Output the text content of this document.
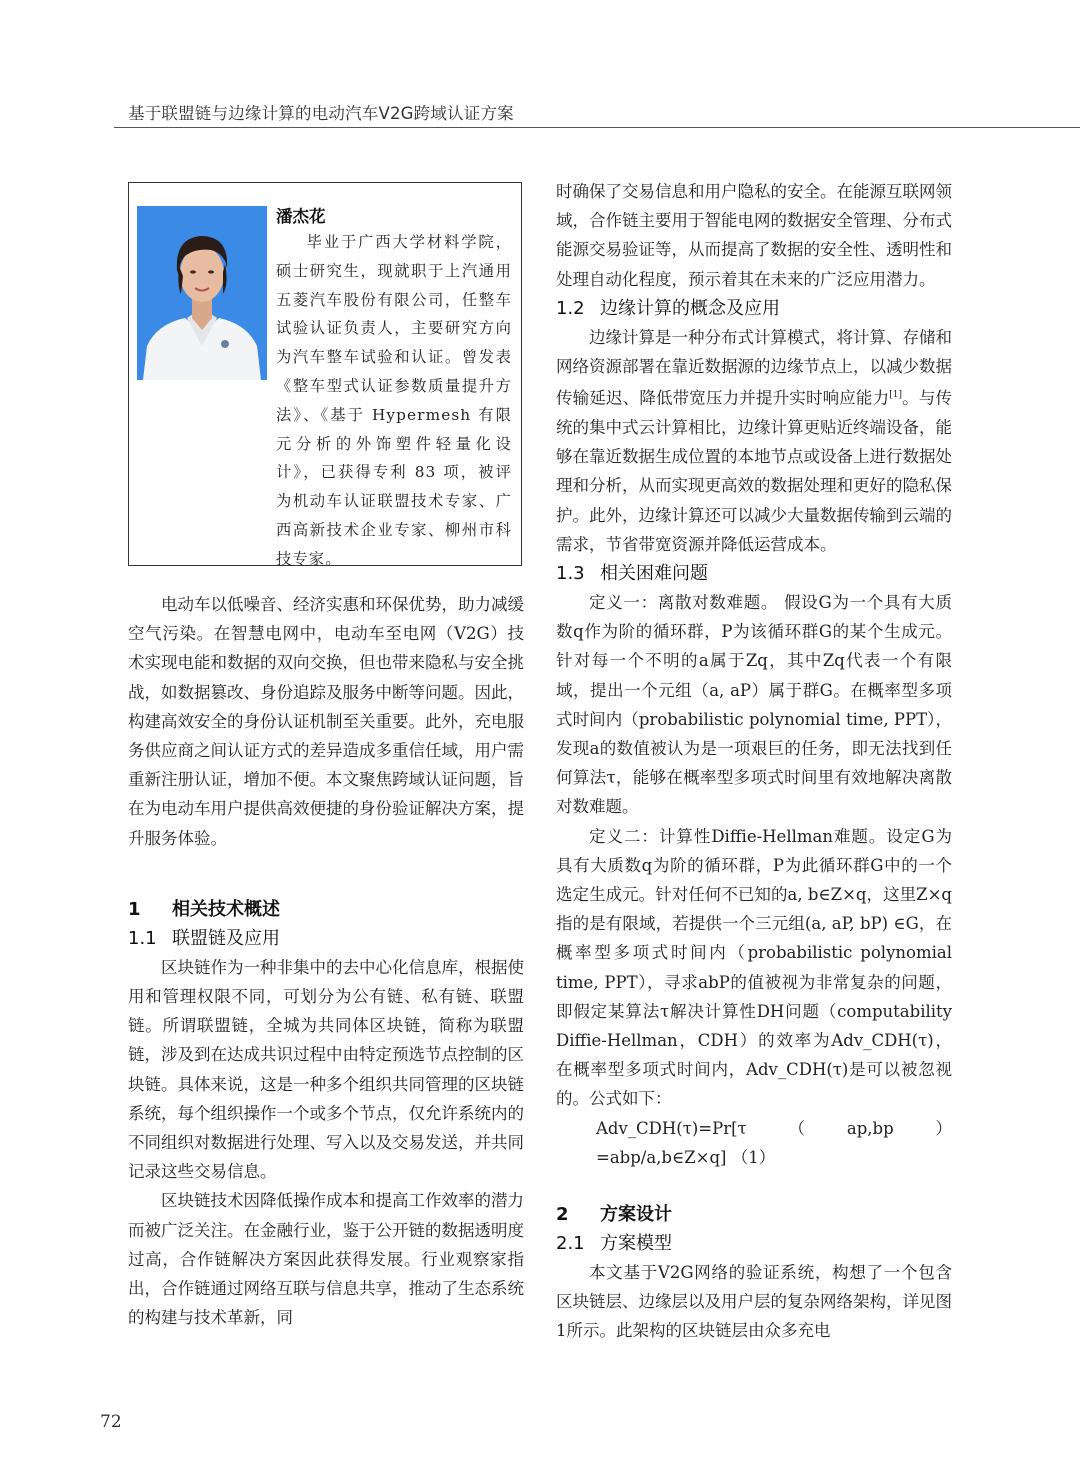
基于联盟链与边缘计算的电动汽车V2G跨域认证方案
潘杰花
毕业于广西大学材料学院，硕士研究生，现就职于上汽通用五菱汽车股份有限公司，任整车试验认证负责人，主要研究方向为汽车整车试验和认证。曾发表《整车型式认证参数质量提升方法》、《基于 Hypermesh 有限元分析的外饰塑件轻量化设计》，已获得专利 83 项，被评为机动车认证联盟技术专家、广西高新技术企业专家、柳州市科技专家。

电动车以低噪音、经济实惠和环保优势，助力减缓空气污染。在智慧电网中，电动车至电网（V2G）技术实现电能和数据的双向交换，但也带来隐私与安全挑战，如数据篡改、身份追踪及服务中断等问题。因此，构建高效安全的身份认证机制至关重要。此外，充电服务供应商之间认证方式的差异造成多重信任域，用户需重新注册认证，增加不便。本文聚焦跨域认证问题，旨在为电动车用户提供高效便捷的身份验证解决方案，提升服务体验。

1 相关技术概述

1.1 联盟链及应用

区块链作为一种非集中的去中心化信息库，根据使用和管理权限不同，可划分为公有链、私有链、联盟链。所谓联盟链，全城为共同体区块链，简称为联盟链，涉及到在达成共识过程中由特定预选节点控制的区块链。具体来说，这是一种多个组织共同管理的区块链系统，每个组织操作一个或多个节点，仅允许系统内的不同组织对数据进行处理、写入以及交易发送，并共同记录这些交易信息。

区块链技术因降低操作成本和提高工作效率的潜力而被广泛关注。在金融行业，鉴于公开链的数据透明度过高，合作链解决方案因此获得发展。行业观察家指出，合作链通过网络互联与信息共享，推动了生态系统的构建与技术革新，同

时确保了交易信息和用户隐私的安全。在能源互联网领域，合作链主要用于智能电网的数据安全管理、分布式能源交易验证等，从而提高了数据的安全性、透明性和处理自动化程度，预示着其在未来的广泛应用潜力。

1.2 边缘计算的概念及应用

边缘计算是一种分布式计算模式，将计算、存储和网络资源部署在靠近数据源的边缘节点上，以减少数据传输延迟、降低带宽压力并提升实时响应能力[1]。与传统的集中式云计算相比，边缘计算更贴近终端设备，能够在靠近数据生成位置的本地节点或设备上进行数据处理和分析，从而实现更高效的数据处理和更好的隐私保护。此外，边缘计算还可以减少大量数据传输到云端的需求，节省带宽资源并降低运营成本。

1.3 相关困难问题

定义一：离散对数难题。 假设G为一个具有大质数q作为阶的循环群，P为该循环群G的某个生成元。针对每一个不明的a属于Zq，其中Zq代表一个有限域，提出一个元组（a, aP）属于群G。在概率型多项式时间内（probabilistic polynomial time, PPT），发现a的数值被认为是一项艰巨的任务，即无法找到任何算法τ，能够在概率型多项式时间里有效地解决离散对数难题。

定义二：计算性Diffie-Hellman难题。设定G为具有大质数q为阶的循环群，P为此循环群G中的一个选定生成元。针对任何不已知的a, b∈Z×q，这里Z×q指的是有限域，若提供一个三元组(a, aP, bP) ∈G，在概率型多项式时间内（probabilistic polynomial time, PPT），寻求abP的值被视为非常复杂的问题，即假定某算法τ解决计算性DH问题（computability Diffie-Hellman，CDH）的效率为Adv_CDH(τ)，在概率型多项式时间内，Adv_CDH(τ)是可以被忽视的。公式如下：

Adv_CDH(τ)=Pr[τ（ap,bp）=abp/a,b∈Z×q] （1）

2 方案设计

2.1 方案模型

本文基于V2G网络的验证系统，构想了一个包含区块链层、边缘层以及用户层的复杂网络架构，详见图1所示。此架构的区块链层由众多充电

72
